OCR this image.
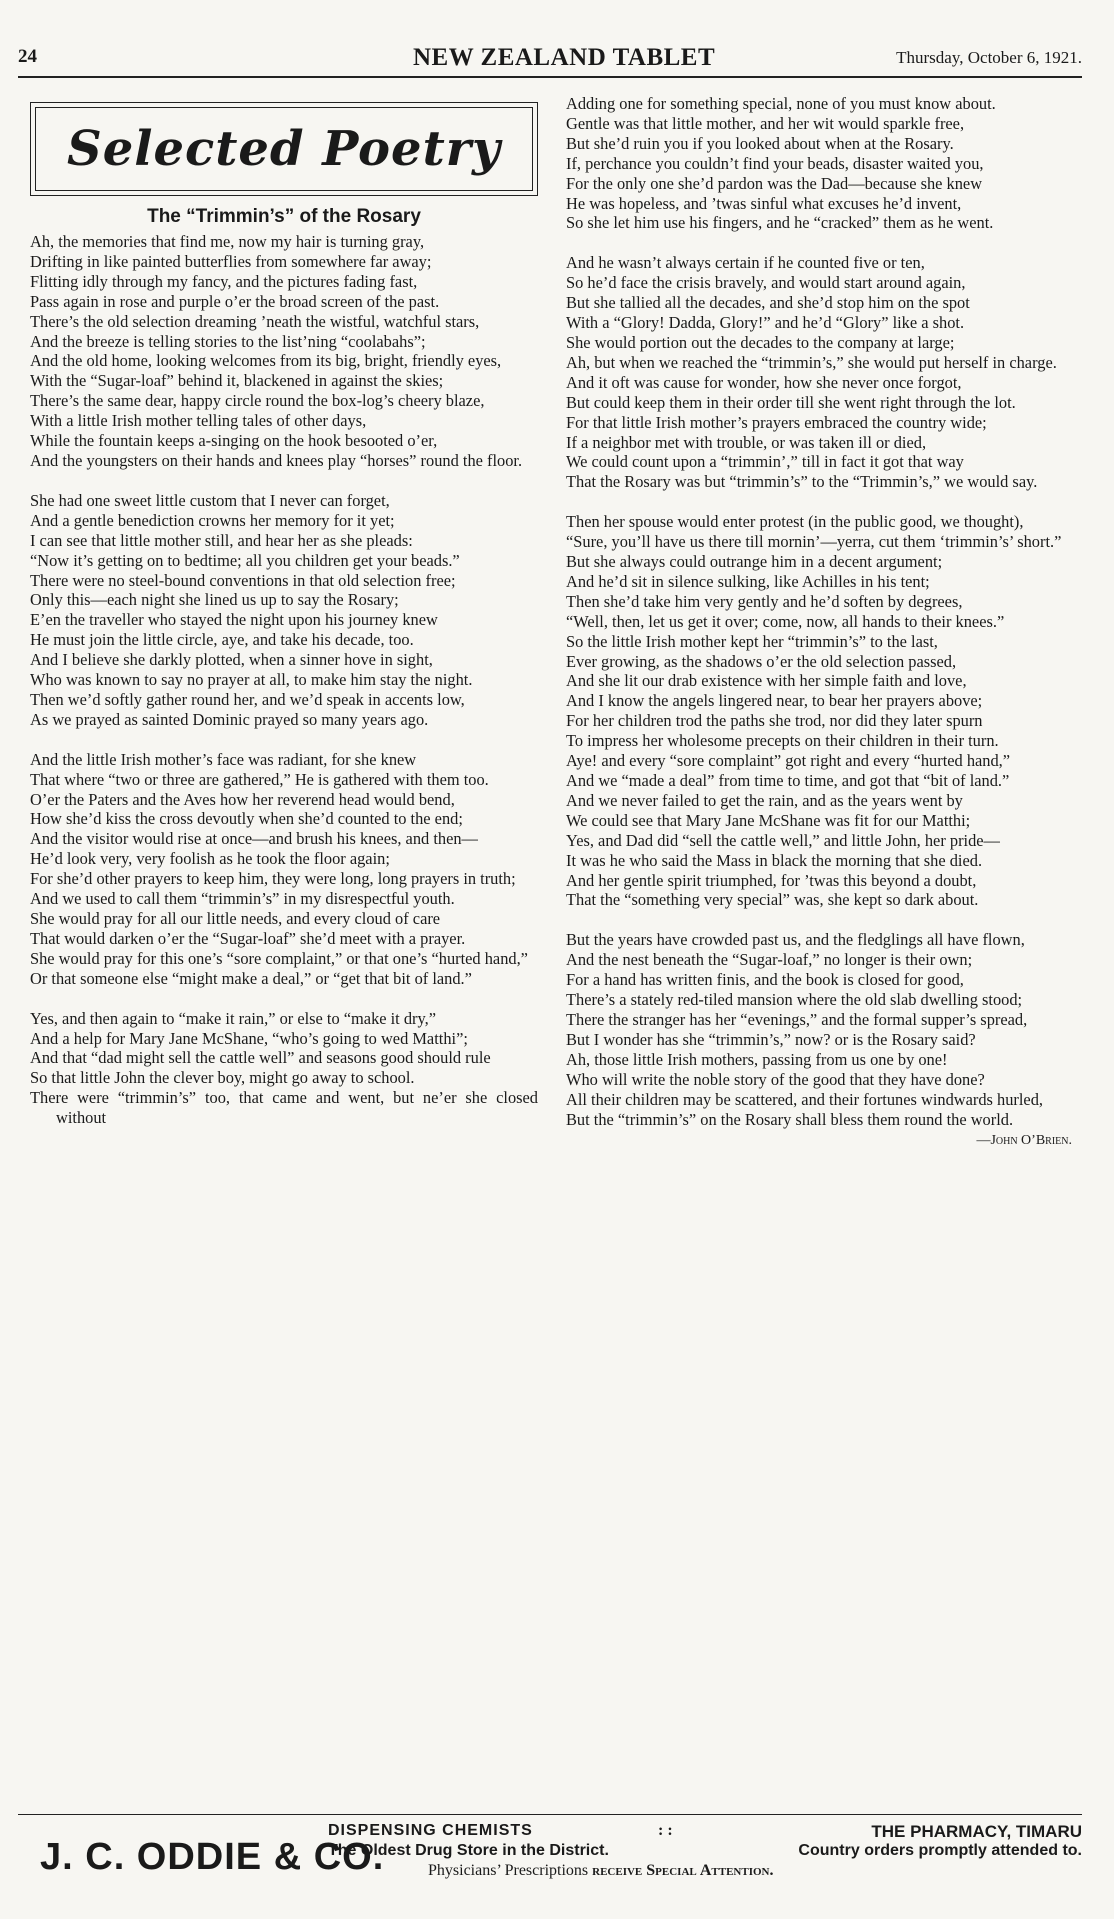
24	NEW ZEALAND TABLET	Thursday, October 6, 1921.
Selected Poetry
The “Trimmin’s” of the Rosary
Ah, the memories that find me, now my hair is turning gray,
Drifting in like painted butterflies from somewhere far away;
Flitting idly through my fancy, and the pictures fading fast,
Pass again in rose and purple o’er the broad screen of the past.
There’s the old selection dreaming ’neath the wistful, watchful stars,
And the breeze is telling stories to the list’ning “coolabahs”;
And the old home, looking welcomes from its big, bright, friendly eyes,
With the “Sugar-loaf” behind it, blackened in against the skies;
There’s the same dear, happy circle round the box-log’s cheery blaze,
With a little Irish mother telling tales of other days,
While the fountain keeps a-singing on the hook besooted o’er,
And the youngsters on their hands and knees play “horses” round the floor.
She had one sweet little custom that I never can forget,
And a gentle benediction crowns her memory for it yet;
I can see that little mother still, and hear her as she pleads:
“Now it’s getting on to bedtime; all you children get your beads.”
There were no steel-bound conventions in that old selection free;
Only this—each night she lined us up to say the Rosary;
E’en the traveller who stayed the night upon his journey knew
He must join the little circle, aye, and take his decade, too.
And I believe she darkly plotted, when a sinner hove in sight,
Who was known to say no prayer at all, to make him stay the night.
Then we’d softly gather round her, and we’d speak in accents low,
As we prayed as sainted Dominic prayed so many years ago.
And the little Irish mother’s face was radiant, for she knew
That where “two or three are gathered,” He is gathered with them too.
O’er the Paters and the Aves how her reverend head would bend,
How she’d kiss the cross devoutly when she’d counted to the end;
And the visitor would rise at once—and brush his knees, and then—
He’d look very, very foolish as he took the floor again;
For she’d other prayers to keep him, they were long, long prayers in truth;
And we used to call them “trimmin’s” in my disrespectful youth.
She would pray for all our little needs, and every cloud of care
That would darken o’er the “Sugar-loaf” she’d meet with a prayer.
She would pray for this one’s “sore complaint,” or that one’s “hurted hand,”
Or that someone else “might make a deal,” or “get that bit of land.”
Yes, and then again to “make it rain,” or else to “make it dry,”
And a help for Mary Jane McShane, “who’s going to wed Matthi”;
And that “dad might sell the cattle well” and seasons good should rule
So that little John the clever boy, might go away to school.
There were “trimmin’s” too, that came and went, but ne’er she closed without
Adding one for something special, none of you must know about.
Gentle was that little mother, and her wit would sparkle free,
But she’d ruin you if you looked about when at the Rosary.
If, perchance you couldn’t find your beads, disaster waited you,
For the only one she’d pardon was the Dad—because she knew
He was hopeless, and ’twas sinful what excuses he’d invent,
So she let him use his fingers, and he “cracked” them as he went.
And he wasn’t always certain if he counted five or ten,
So he’d face the crisis bravely, and would start around again,
But she tallied all the decades, and she’d stop him on the spot
With a “Glory! Dadda, Glory!” and he’d “Glory” like a shot.
She would portion out the decades to the company at large;
Ah, but when we reached the “trimmin’s,” she would put herself in charge.
And it oft was cause for wonder, how she never once forgot,
But could keep them in their order till she went right through the lot.
For that little Irish mother’s prayers embraced the country wide;
If a neighbor met with trouble, or was taken ill or died,
We could count upon a “trimmin’,” till in fact it got that way
That the Rosary was but “trimmin’s” to the “Trimmin’s,” we would say.
Then her spouse would enter protest (in the public good, we thought),
“Sure, you’ll have us there till mornin’—yerra, cut them ‘trimmin’s’ short.”
But she always could outrange him in a decent argument;
And he’d sit in silence sulking, like Achilles in his tent;
Then she’d take him very gently and he’d soften by degrees,
“Well, then, let us get it over; come, now, all hands to their knees.”
So the little Irish mother kept her “trimmin’s” to the last,
Ever growing, as the shadows o’er the old selection passed,
And she lit our drab existence with her simple faith and love,
And I know the angels lingered near, to bear her prayers above;
For her children trod the paths she trod, nor did they later spurn
To impress her wholesome precepts on their children in their turn.
Aye! and every “sore complaint” got right and every “hurted hand,”
And we “made a deal” from time to time, and got that “bit of land.”
And we never failed to get the rain, and as the years went by
We could see that Mary Jane McShane was fit for our Matthi;
Yes, and Dad did “sell the cattle well,” and little John, her pride—
It was he who said the Mass in black the morning that she died.
And her gentle spirit triumphed, for ’twas this beyond a doubt,
That the “something very special” was, she kept so dark about.
But the years have crowded past us, and the fledglings all have flown,
And the nest beneath the “Sugar-loaf,” no longer is their own;
For a hand has written finis, and the book is closed for good,
There’s a stately red-tiled mansion where the old slab dwelling stood;
There the stranger has her “evenings,” and the formal supper’s spread,
But I wonder has she “trimmin’s,” now? or is the Rosary said?
Ah, those little Irish mothers, passing from us one by one!
Who will write the noble story of the good that they have done?
All their children may be scattered, and their fortunes windwards hurled,
But the “trimmin’s” on the Rosary shall bless them round the world.
—John O’Brien.
J. C. ODDIE & CO.
DISPENSING CHEMISTS	: :
The Oldest Drug Store in the District.
Physicians’ Prescriptions receive Special Attention.
THE PHARMACY, TIMARU
Country orders promptly attended to.
